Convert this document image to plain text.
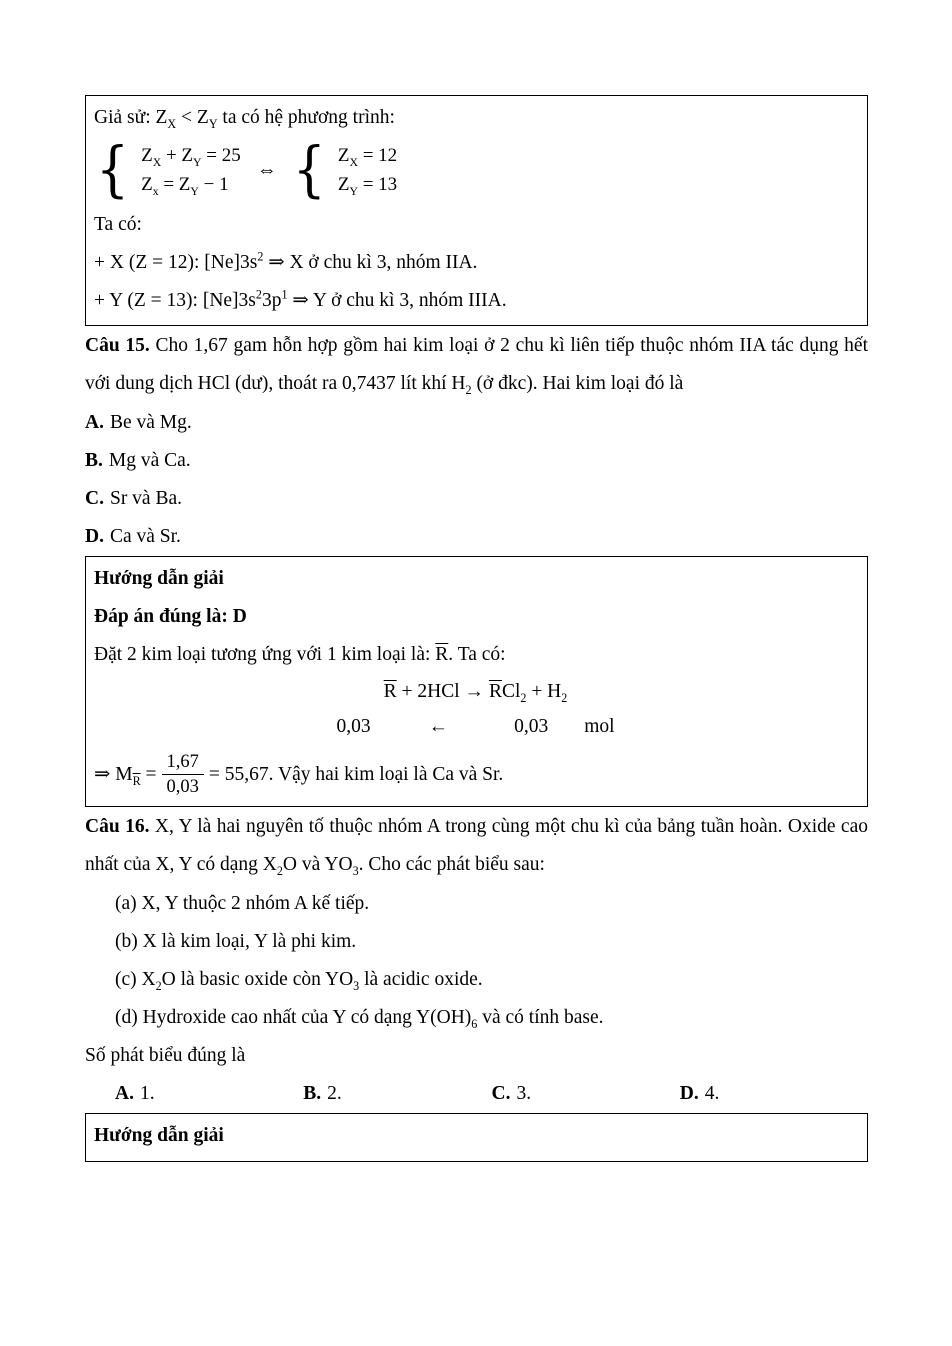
Giả sử: $Z_X < Z_Y$ ta có hệ phương trình:
{ $Z_X + Z_Y = 25$
$Z_x = Z_Y - 1$
⇔ { $Z_X = 12$
$Z_Y = 13$
Ta có:
+ X (Z = 12): $[Ne]3s^2$ ⇒ X ở chu kì 3, nhóm IIA.
+ Y (Z = 13): $[Ne]3s^23p^1$ ⇒ Y ở chu kì 3, nhóm IIIA.
Câu 15. Cho 1,67 gam hỗn hợp gồm hai kim loại ở 2 chu kì liên tiếp thuộc nhóm IIA tác dụng hết với dung dịch HCl (dư), thoát ra 0,7437 lít khí $H_2$ (ở đkc). Hai kim loại đó là
A. Be và Mg.
B. Mg và Ca.
C. Sr và Ba.
D. Ca và Sr.
Hướng dẫn giải
Đáp án đúng là: D
Đặt 2 kim loại tương ứng với 1 kim loại là: $\overline{R}$. Ta có:
$\overline{R} + 2HCl \to \overline{R}Cl_2 + H_2$
0,03	←	0,03 mol
⇒ $M_{\overline{R}} = \frac{1,67}{0,03} = 55,67$. Vậy hai kim loại là Ca và Sr.
Câu 16. X, Y là hai nguyên tố thuộc nhóm A trong cùng một chu kì của bảng tuần hoàn. Oxide cao nhất của X, Y có dạng $X_2O$ và $YO_3$. Cho các phát biểu sau:
(a) X, Y thuộc 2 nhóm A kế tiếp.
(b) X là kim loại, Y là phi kim.
(c) $X_2O$ là basic oxide còn $YO_3$ là acidic oxide.
(d) Hydroxide cao nhất của Y có dạng $Y(OH)_6$ và có tính base.
Số phát biểu đúng là
A. 1.	B. 2.	C. 3.	D. 4.
Hướng dẫn giải
